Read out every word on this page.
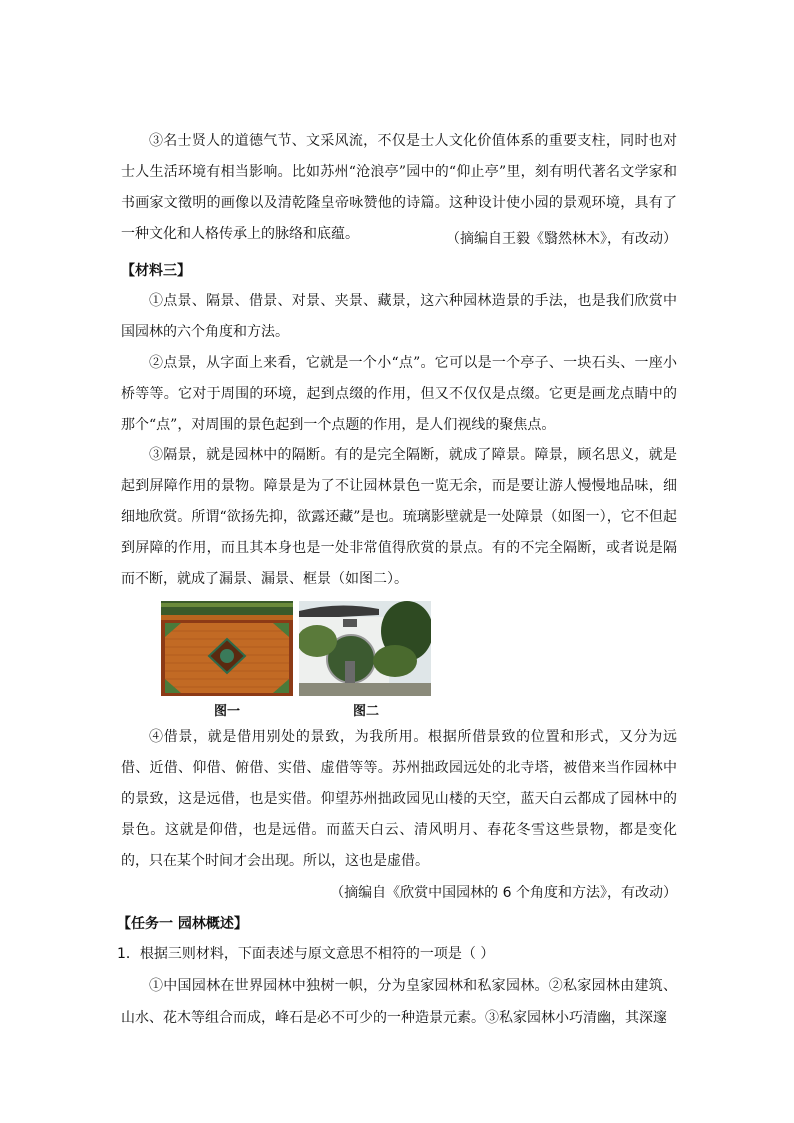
③名士贤人的道德气节、文采风流，不仅是士人文化价值体系的重要支柱，同时也对士人生活环境有相当影响。比如苏州“沧浪亭”园中的“仰止亭”里，刻有明代著名文学家和书画家文徵明的画像以及清乾隆皇帝咏赞他的诗篇。这种设计使小园的景观环境，具有了一种文化和人格传承上的脉络和底蕴。	（摘编自王毅《翳然林木》，有改动）
【材料三】

①点景、隔景、借景、对景、夹景、藏景，这六种园林造景的手法，也是我们欣赏中国园林的六个角度和方法。

②点景，从字面上来看，它就是一个小“点”。它可以是一个亭子、一块石头、一座小桥等等。它对于周围的环境，起到点缀的作用，但又不仅仅是点缀。它更是画龙点睛中的那个“点”，对周围的景色起到一个点题的作用，是人们视线的聚焦点。

③隔景，就是园林中的隔断。有的是完全隔断，就成了障景。障景，顾名思义，就是起到屏障作用的景物。障景是为了不让园林景色一览无余，而是要让游人慢慢地品味，细细地欣赏。所谓“欲扬先抑，欲露还藏”是也。琉璃影壁就是一处障景（如图一），它不但起到屏障的作用，而且其本身也是一处非常值得欣赏的景点。有的不完全隔断，或者说是隔而不断，就成了漏景、漏景、框景（如图二）。

图一	图二

④借景，就是借用别处的景致，为我所用。根据所借景致的位置和形式，又分为远借、近借、仰借、俯借、实借、虚借等等。苏州拙政园远处的北寺塔，被借来当作园林中的景致，这是远借，也是实借。仰望苏州拙政园见山楼的天空，蓝天白云都成了园林中的景色。这就是仰借，也是远借。而蓝天白云、清风明月、春花冬雪这些景物，都是变化的，只在某个时间才会出现。所以，这也是虚借。

（摘编自《欣赏中国园林的 6 个角度和方法》，有改动）
【任务一 园林概述】
1．根据三则材料，下面表述与原文意思不相符的一项是（ ）

①中国园林在世界园林中独树一帜，分为皇家园林和私家园林。②私家园林由建筑、山水、花木等组合而成，峰石是必不可少的一种造景元素。③私家园林小巧清幽，其深邃
